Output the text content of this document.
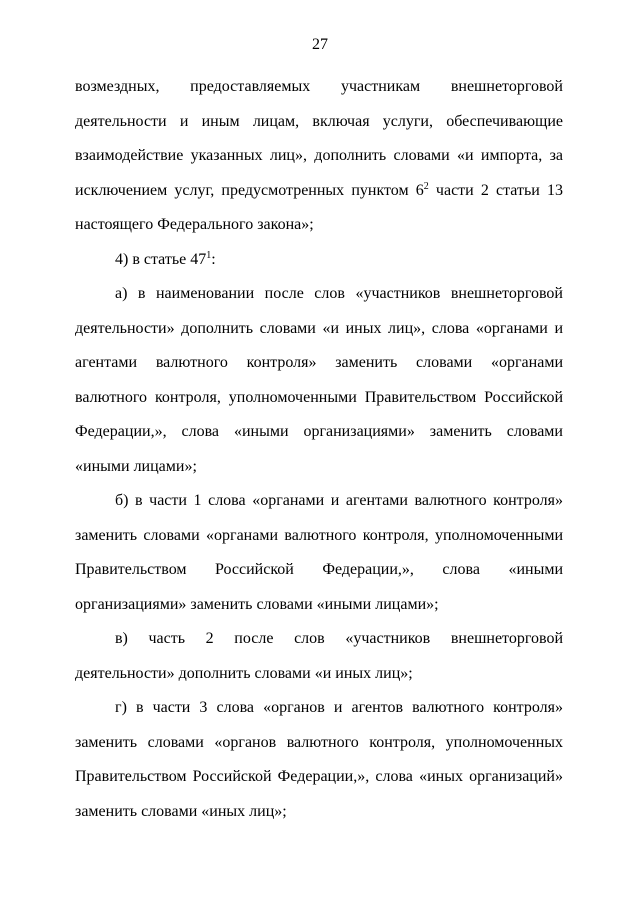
27

возмездных, предоставляемых участникам внешнеторговой деятельности и иным лицам, включая услуги, обеспечивающие взаимодействие указанных лиц», дополнить словами «и импорта, за исключением услуг, предусмотренных пунктом $6^2$ части 2 статьи 13 настоящего Федерального закона»;

4) в статье $47^1$:

а) в наименовании после слов «участников внешнеторговой деятельности» дополнить словами «и иных лиц», слова «органами и агентами валютного контроля» заменить словами «органами валютного контроля, уполномоченными Правительством Российской Федерации,», слова «иными организациями» заменить словами «иными лицами»;

б) в части 1 слова «органами и агентами валютного контроля» заменить словами «органами валютного контроля, уполномоченными Правительством Российской Федерации,», слова «иными организациями» заменить словами «иными лицами»;

в) часть 2 после слов «участников внешнеторговой деятельности» дополнить словами «и иных лиц»;

г) в части 3 слова «органов и агентов валютного контроля» заменить словами «органов валютного контроля, уполномоченных Правительством Российской Федерации,», слова «иных организаций» заменить словами «иных лиц»;
